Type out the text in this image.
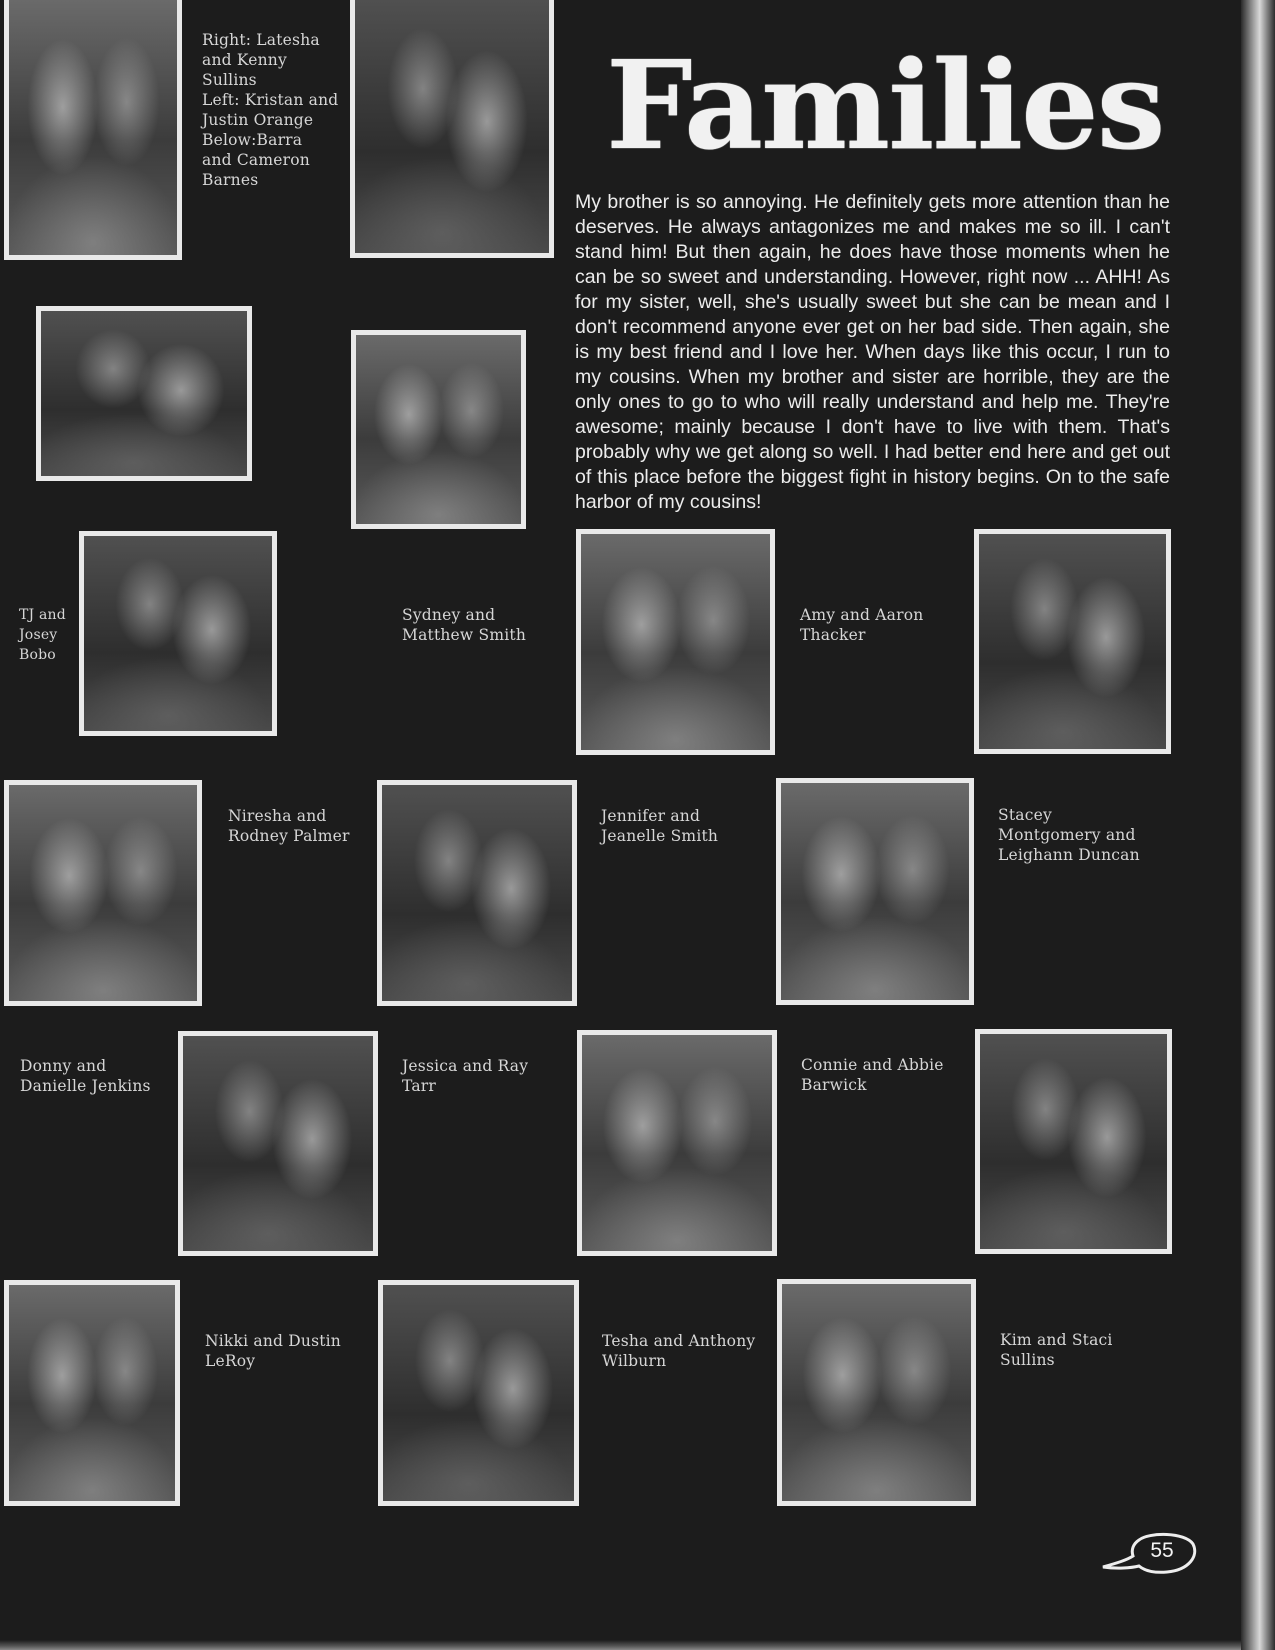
Families
My brother is so annoying. He definitely gets more attention than he deserves. He always antagonizes me and makes me so ill. I can't stand him! But then again, he does have those moments when he can be so sweet and understanding. However, right now ... AHH! As for my sister, well, she's usually sweet but she can be mean and I don't recommend anyone ever get on her bad side. Then again, she is my best friend and I love her. When days like this occur, I run to my cousins. When my brother and sister are horrible, they are the only ones to go to who will really understand and help me. They're awesome; mainly because I don't have to live with them. That's probably why we get along so well. I had better end here and get out of this place before the biggest fight in history begins. On to the safe harbor of my cousins!
Right: Latesha
and Kenny
Sullins
Left: Kristan and
Justin Orange
Below:Barra
and Cameron
Barnes
TJ and
Josey
Bobo
Sydney and
Matthew Smith
Amy and Aaron
Thacker
Niresha and
Rodney Palmer
Jennifer and
Jeanelle Smith
Stacey
Montgomery and
Leighann Duncan
Donny and
Danielle Jenkins
Jessica and Ray
Tarr
Connie and Abbie
Barwick
Nikki and Dustin
LeRoy
Tesha and Anthony
Wilburn
Kim and Staci
Sullins
55
